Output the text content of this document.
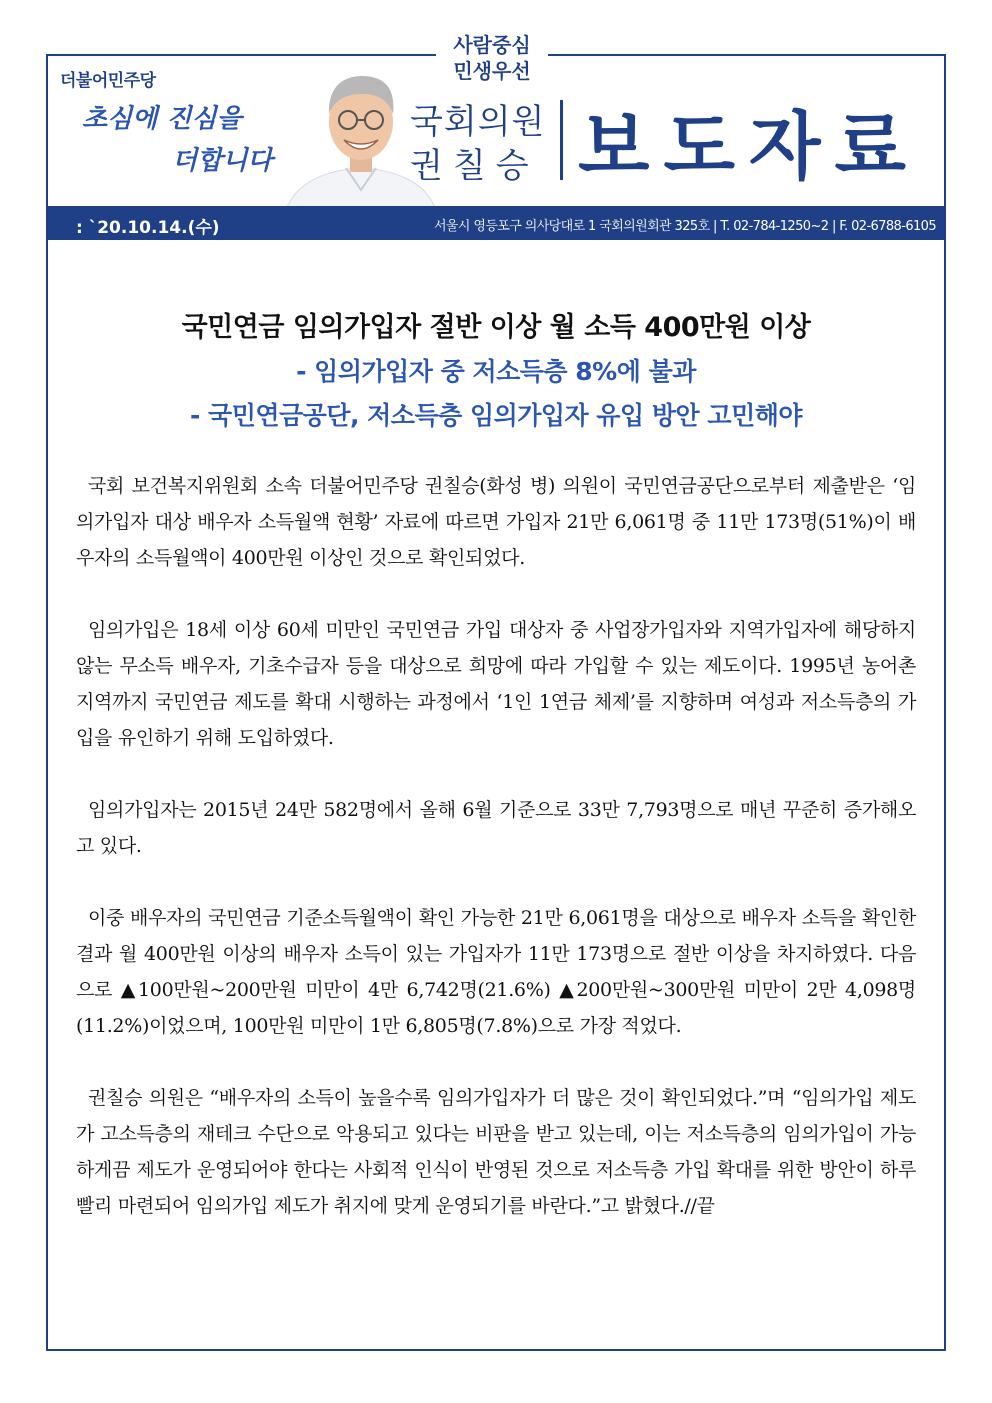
더불어민주당
초심에 진심을
더합니다
사람중심
민생우선
국회의원
권칠승 보도자료
: `20.10.14.(수)	서울시 영등포구 의사당대로 1 국회의원회관 325호 | T. 02-784-1250~2 | F. 02-6788-6105
국민연금 임의가입자 절반 이상 월 소득 400만원 이상
- 임의가입자 중 저소득층 8%에 불과
- 국민연금공단, 저소득층 임의가입자 유입 방안 고민해야

국회 보건복지위원회 소속 더불어민주당 권칠승(화성 병) 의원이 국민연금공단으로부터 제출받은 ‘임의가입자 대상 배우자 소득월액 현황’ 자료에 따르면 가입자 21만 6,061명 중 11만 173명(51%)이 배우자의 소득월액이 400만원 이상인 것으로 확인되었다.

임의가입은 18세 이상 60세 미만인 국민연금 가입 대상자 중 사업장가입자와 지역가입자에 해당하지 않는 무소득 배우자, 기초수급자 등을 대상으로 희망에 따라 가입할 수 있는 제도이다. 1995년 농어촌 지역까지 국민연금 제도를 확대 시행하는 과정에서 ‘1인 1연금 체제’를 지향하며 여성과 저소득층의 가입을 유인하기 위해 도입하였다.

임의가입자는 2015년 24만 582명에서 올해 6월 기준으로 33만 7,793명으로 매년 꾸준히 증가해오고 있다.

이중 배우자의 국민연금 기준소득월액이 확인 가능한 21만 6,061명을 대상으로 배우자 소득을 확인한 결과 월 400만원 이상의 배우자 소득이 있는 가입자가 11만 173명으로 절반 이상을 차지하였다. 다음으로 ▲100만원~200만원 미만이 4만 6,742명(21.6%) ▲200만원~300만원 미만이 2만 4,098명(11.2%)이었으며, 100만원 미만이 1만 6,805명(7.8%)으로 가장 적었다.

권칠승 의원은 “배우자의 소득이 높을수록 임의가입자가 더 많은 것이 확인되었다.”며 “임의가입 제도가 고소득층의 재테크 수단으로 악용되고 있다는 비판을 받고 있는데, 이는 저소득층의 임의가입이 가능하게끔 제도가 운영되어야 한다는 사회적 인식이 반영된 것으로 저소득층 가입 확대를 위한 방안이 하루빨리 마련되어 임의가입 제도가 취지에 맞게 운영되기를 바란다.”고 밝혔다.//끝
